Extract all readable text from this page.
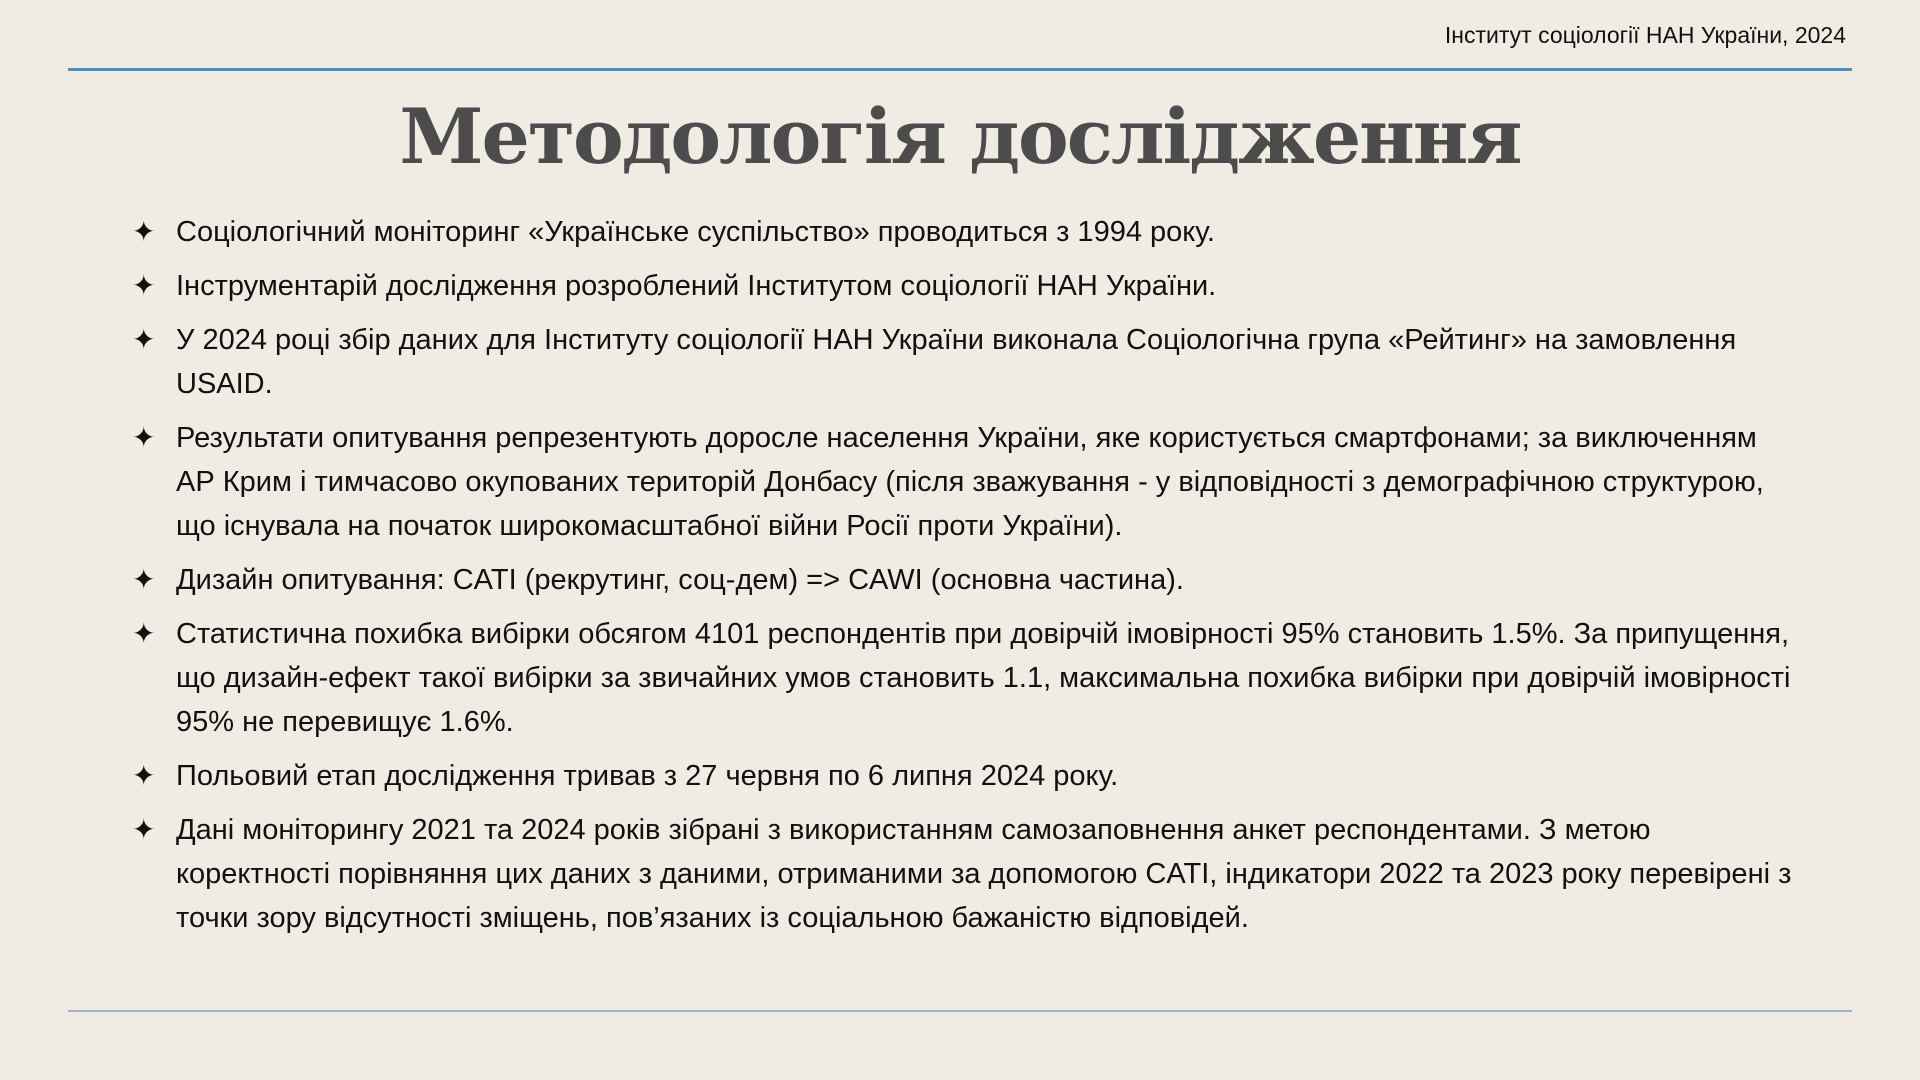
Інститут соціології НАН України, 2024
Методологія дослідження
✦ Соціологічний моніторинг «Українське суспільство» проводиться з 1994 року.
✦ Інструментарій дослідження розроблений Інститутом соціології НАН України.
✦ У 2024 році збір даних для Інституту соціології НАН України виконала Соціологічна група «Рейтинг» на замовлення USAID.
✦ Результати опитування репрезентують доросле населення України, яке користується смартфонами; за виключенням АР Крим і тимчасово окупованих територій Донбасу (після зважування - у відповідності з демографічною структурою, що існувала на початок широкомасштабної війни Росії проти України).
✦ Дизайн опитування: CATI (рекрутинг, соц-дем) => CAWI (основна частина).
✦ Статистична похибка вибірки обсягом 4101 респондентів при довірчій імовірності 95% становить 1.5%. За припущення, що дизайн-ефект такої вибірки за звичайних умов становить 1.1, максимальна похибка вибірки при довірчій імовірності 95% не перевищує 1.6%.
✦ Польовий етап дослідження тривав з 27 червня по 6 липня 2024 року.
✦ Дані моніторингу 2021 та 2024 років зібрані з використанням самозаповнення анкет респондентами. З метою коректності порівняння цих даних з даними, отриманими за допомогою CATI, індикатори 2022 та 2023 року перевірені з точки зору відсутності зміщень, пов’язаних із соціальною бажаністю відповідей.
